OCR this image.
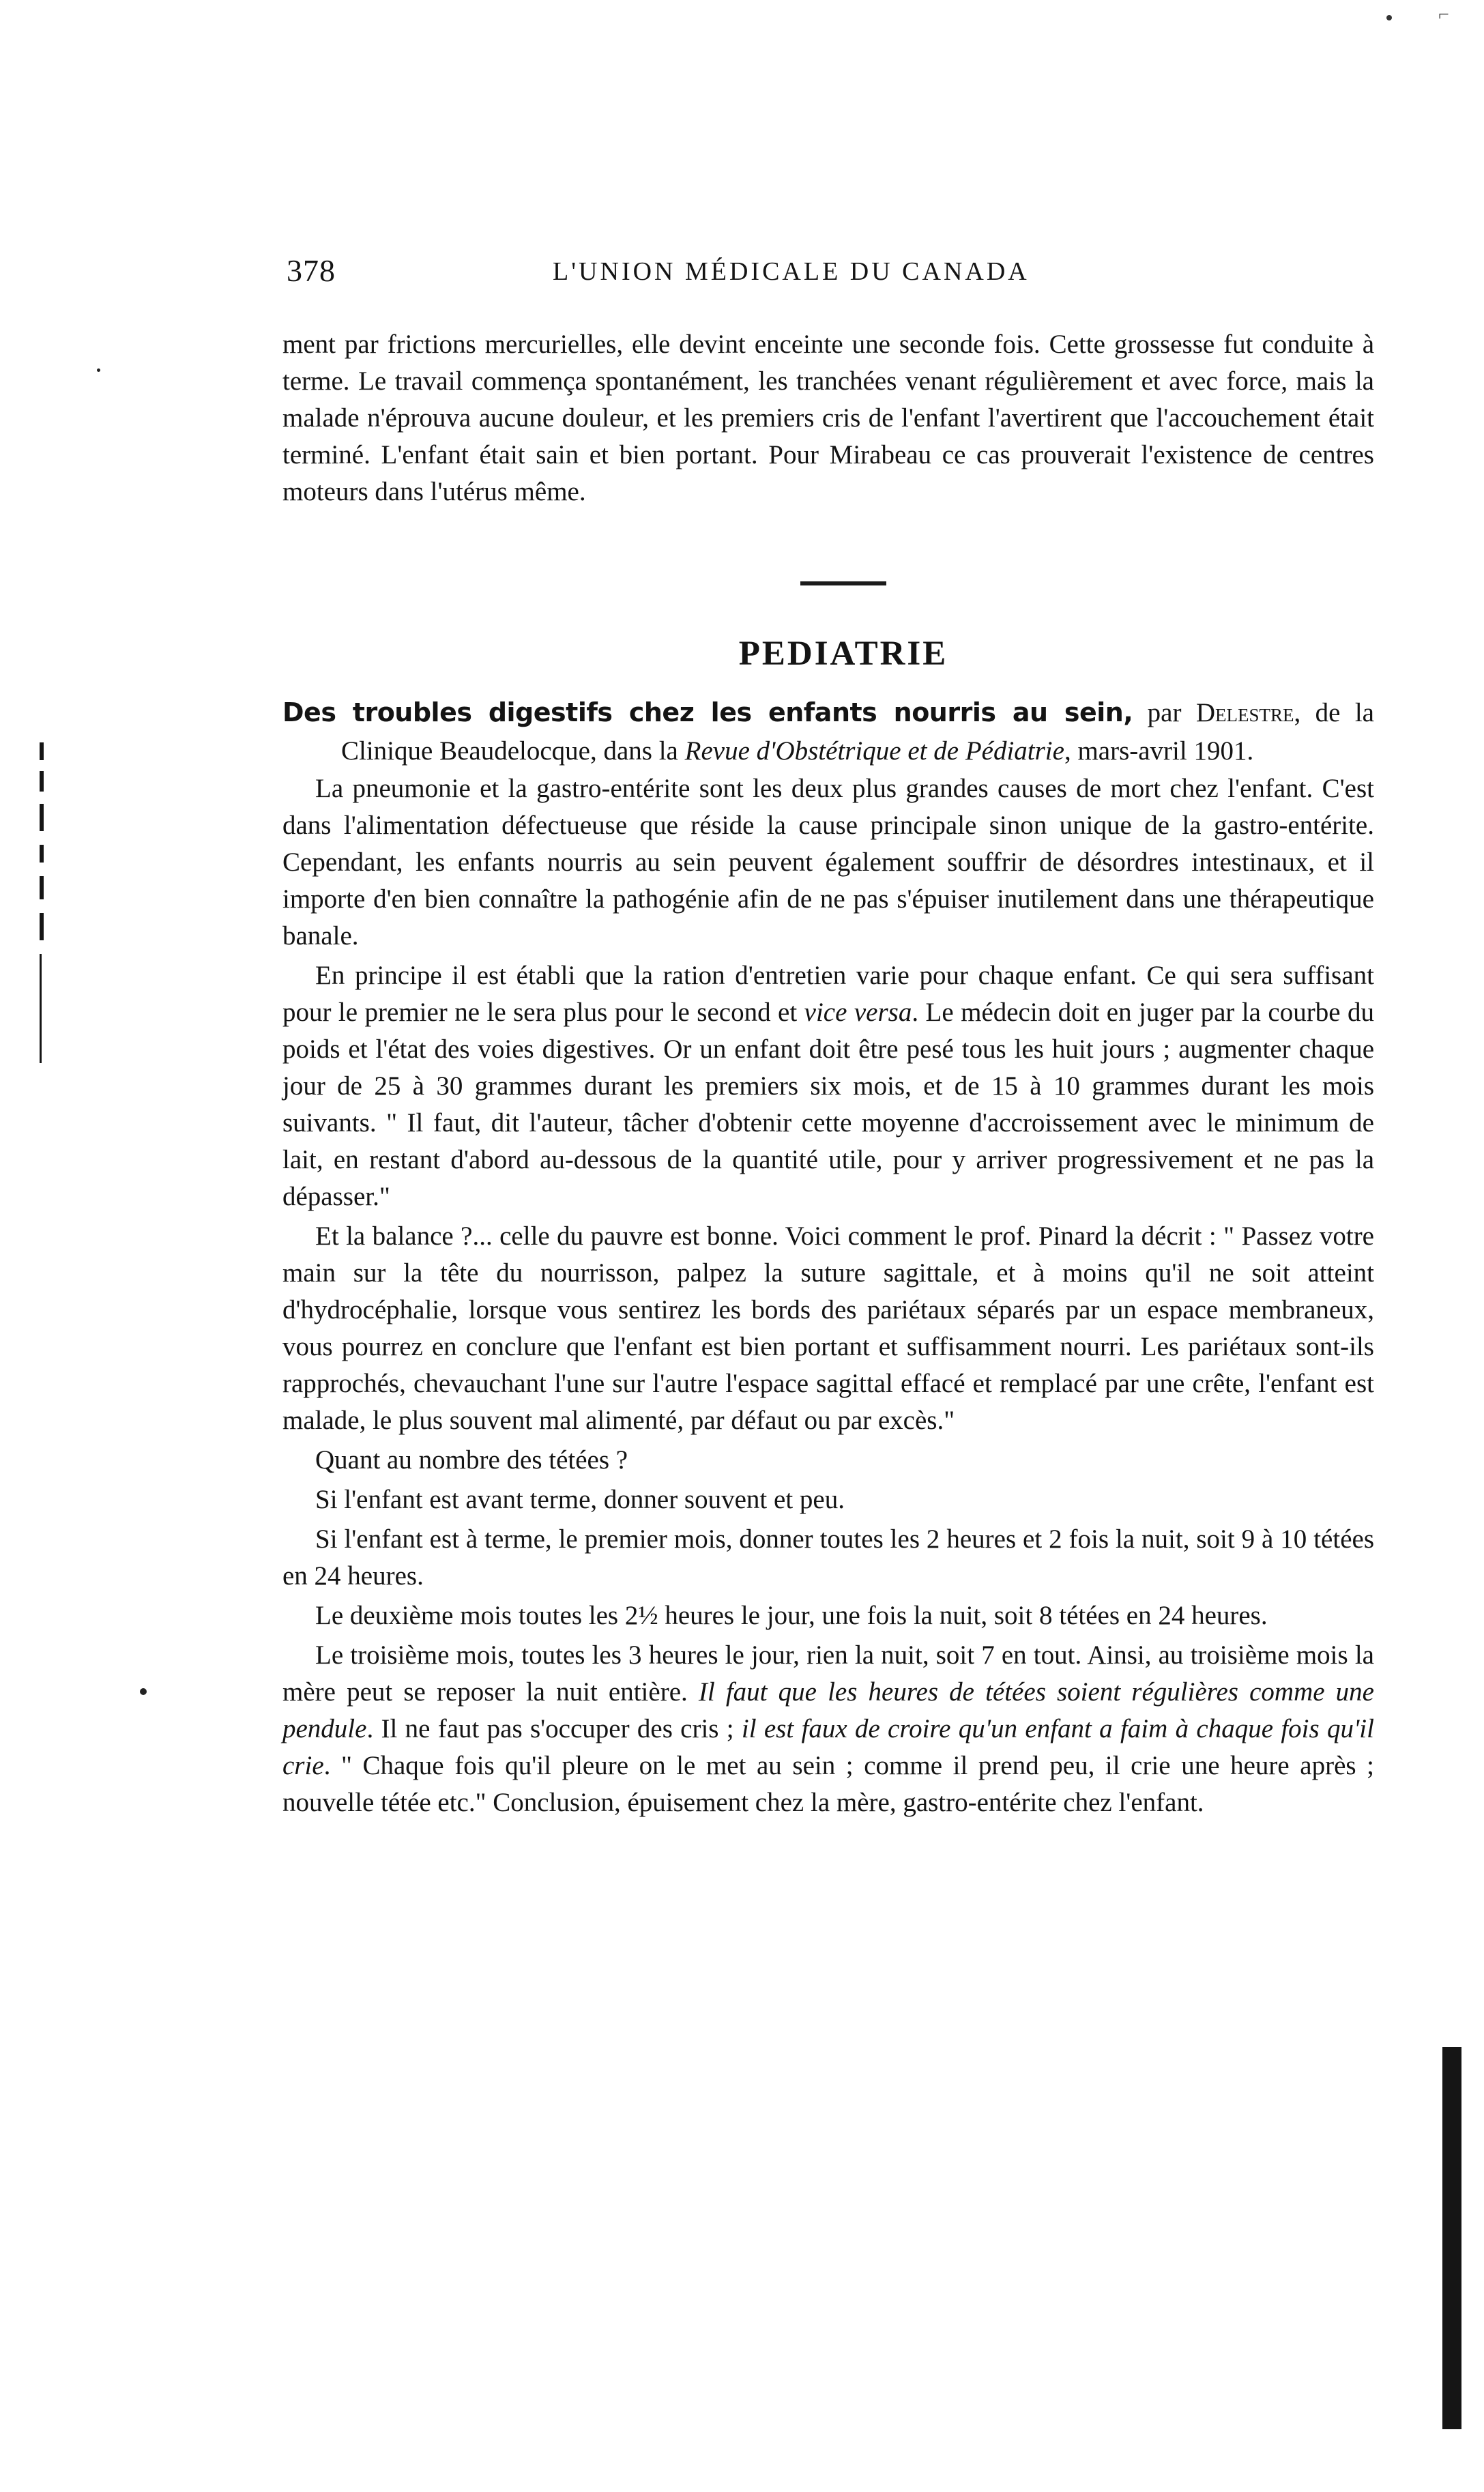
⌐
378	L'UNION MÉDICALE DU CANADA

ment par frictions mercurielles, elle devint enceinte une seconde fois. Cette grossesse fut conduite à terme. Le travail commença spontanément, les tranchées venant régulièrement et avec force, mais la malade n'éprouva aucune douleur, et les premiers cris de l'enfant l'avertirent que l'accouchement était terminé. L'enfant était sain et bien portant. Pour Mirabeau ce cas prouverait l'existence de centres moteurs dans l'utérus même.

PEDIATRIE

Des troubles digestifs chez les enfants nourris au sein, par Delestre, de la Clinique Beaudelocque, dans la Revue d'Obstétrique et de Pédiatrie, mars-avril 1901.

La pneumonie et la gastro-entérite sont les deux plus grandes causes de mort chez l'enfant. C'est dans l'alimentation défectueuse que réside la cause principale sinon unique de la gastro-entérite. Cependant, les enfants nourris au sein peuvent également souffrir de désordres intestinaux, et il importe d'en bien connaître la pathogénie afin de ne pas s'épuiser inutilement dans une thérapeutique banale.

En principe il est établi que la ration d'entretien varie pour chaque enfant. Ce qui sera suffisant pour le premier ne le sera plus pour le second et vice versa. Le médecin doit en juger par la courbe du poids et l'état des voies digestives. Or un enfant doit être pesé tous les huit jours ; augmenter chaque jour de 25 à 30 grammes durant les premiers six mois, et de 15 à 10 grammes durant les mois suivants. " Il faut, dit l'auteur, tâcher d'obtenir cette moyenne d'accroissement avec le minimum de lait, en restant d'abord au-dessous de la quantité utile, pour y arriver progressivement et ne pas la dépasser."

Et la balance ?... celle du pauvre est bonne. Voici comment le prof. Pinard la décrit : " Passez votre main sur la tête du nourrisson, palpez la suture sagittale, et à moins qu'il ne soit atteint d'hydrocéphalie, lorsque vous sentirez les bords des pariétaux séparés par un espace membraneux, vous pourrez en conclure que l'enfant est bien portant et suffisamment nourri. Les pariétaux sont-ils rapprochés, chevauchant l'une sur l'autre l'espace sagittal effacé et remplacé par une crête, l'enfant est malade, le plus souvent mal alimenté, par défaut ou par excès."

Quant au nombre des tétées ?

Si l'enfant est avant terme, donner souvent et peu.

Si l'enfant est à terme, le premier mois, donner toutes les 2 heures et 2 fois la nuit, soit 9 à 10 tétées en 24 heures.

Le deuxième mois toutes les 2½ heures le jour, une fois la nuit, soit 8 tétées en 24 heures.

Le troisième mois, toutes les 3 heures le jour, rien la nuit, soit 7 en tout. Ainsi, au troisième mois la mère peut se reposer la nuit entière. Il faut que les heures de tétées soient régulières comme une pendule. Il ne faut pas s'occuper des cris ; il est faux de croire qu'un enfant a faim à chaque fois qu'il crie. " Chaque fois qu'il pleure on le met au sein ; comme il prend peu, il crie une heure après ; nouvelle tétée etc." Conclusion, épuisement chez la mère, gastro-entérite chez l'enfant.
